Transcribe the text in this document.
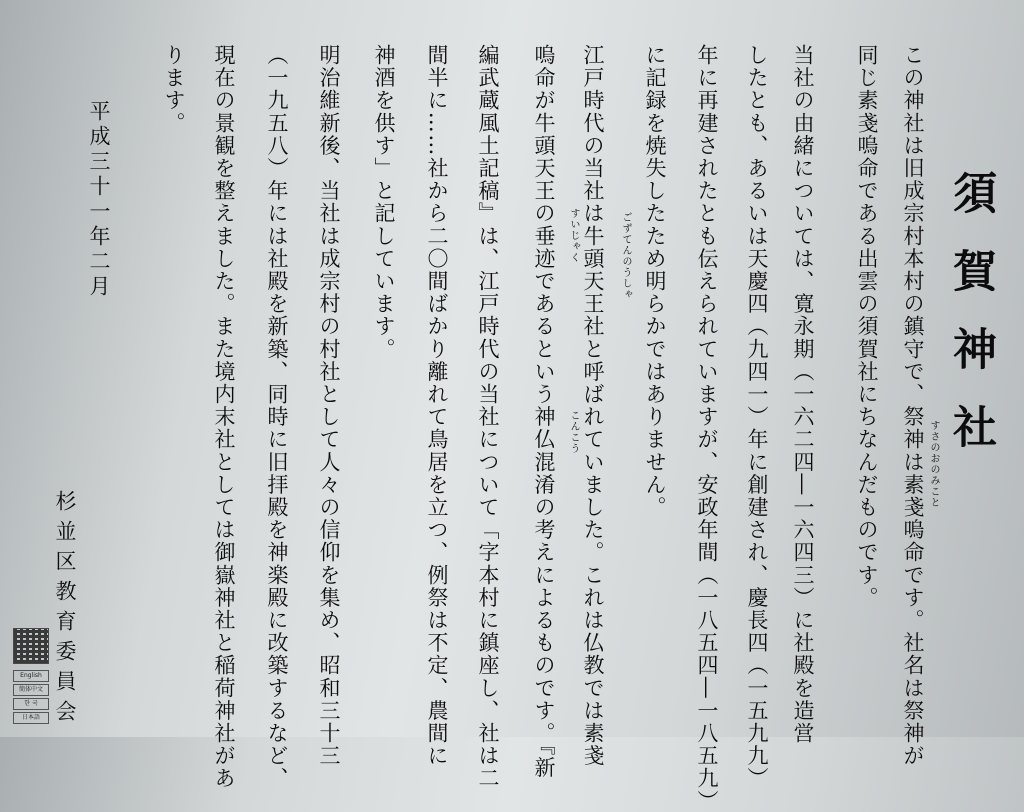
須賀神社
この神社は旧成宗村本村の鎮守で、祭神は素戔嗚命です。社名は祭神が
同じ素戔嗚命である出雲の須賀社にちなんだものです。
当社の由緒については、寛永期（一六二四―一六四三）に社殿を造営
したとも、あるいは天慶四（九四一）年に創建され、慶長四（一五九九）
年に再建されたとも伝えられていますが、安政年間（一八五四―一八五九）
に記録を焼失したため明らかではありません。
江戸時代の当社は牛頭天王社と呼ばれていました。これは仏教では素戔
嗚命が牛頭天王の垂迹であるという神仏混淆の考えによるものです。『新
編武蔵風土記稿』は、江戸時代の当社について「字本村に鎮座し、社は二
間半に……社から二〇間ばかり離れて鳥居を立つ、例祭は不定、農間に
神酒を供す」と記しています。
明治維新後、当社は成宗村の村社として人々の信仰を集め、昭和三十三
（一九五八）年には社殿を新築、同時に旧拝殿を神楽殿に改築するなど、
現在の景観を整えました。また境内末社としては御嶽神社と稲荷神社があ
ります。
すさのおのみこと
ごずてんのうしゃ
すいじゃく
こんこう
平成三十一年二月
杉並区教育委員会
English
簡体中文
한 국
日本語
